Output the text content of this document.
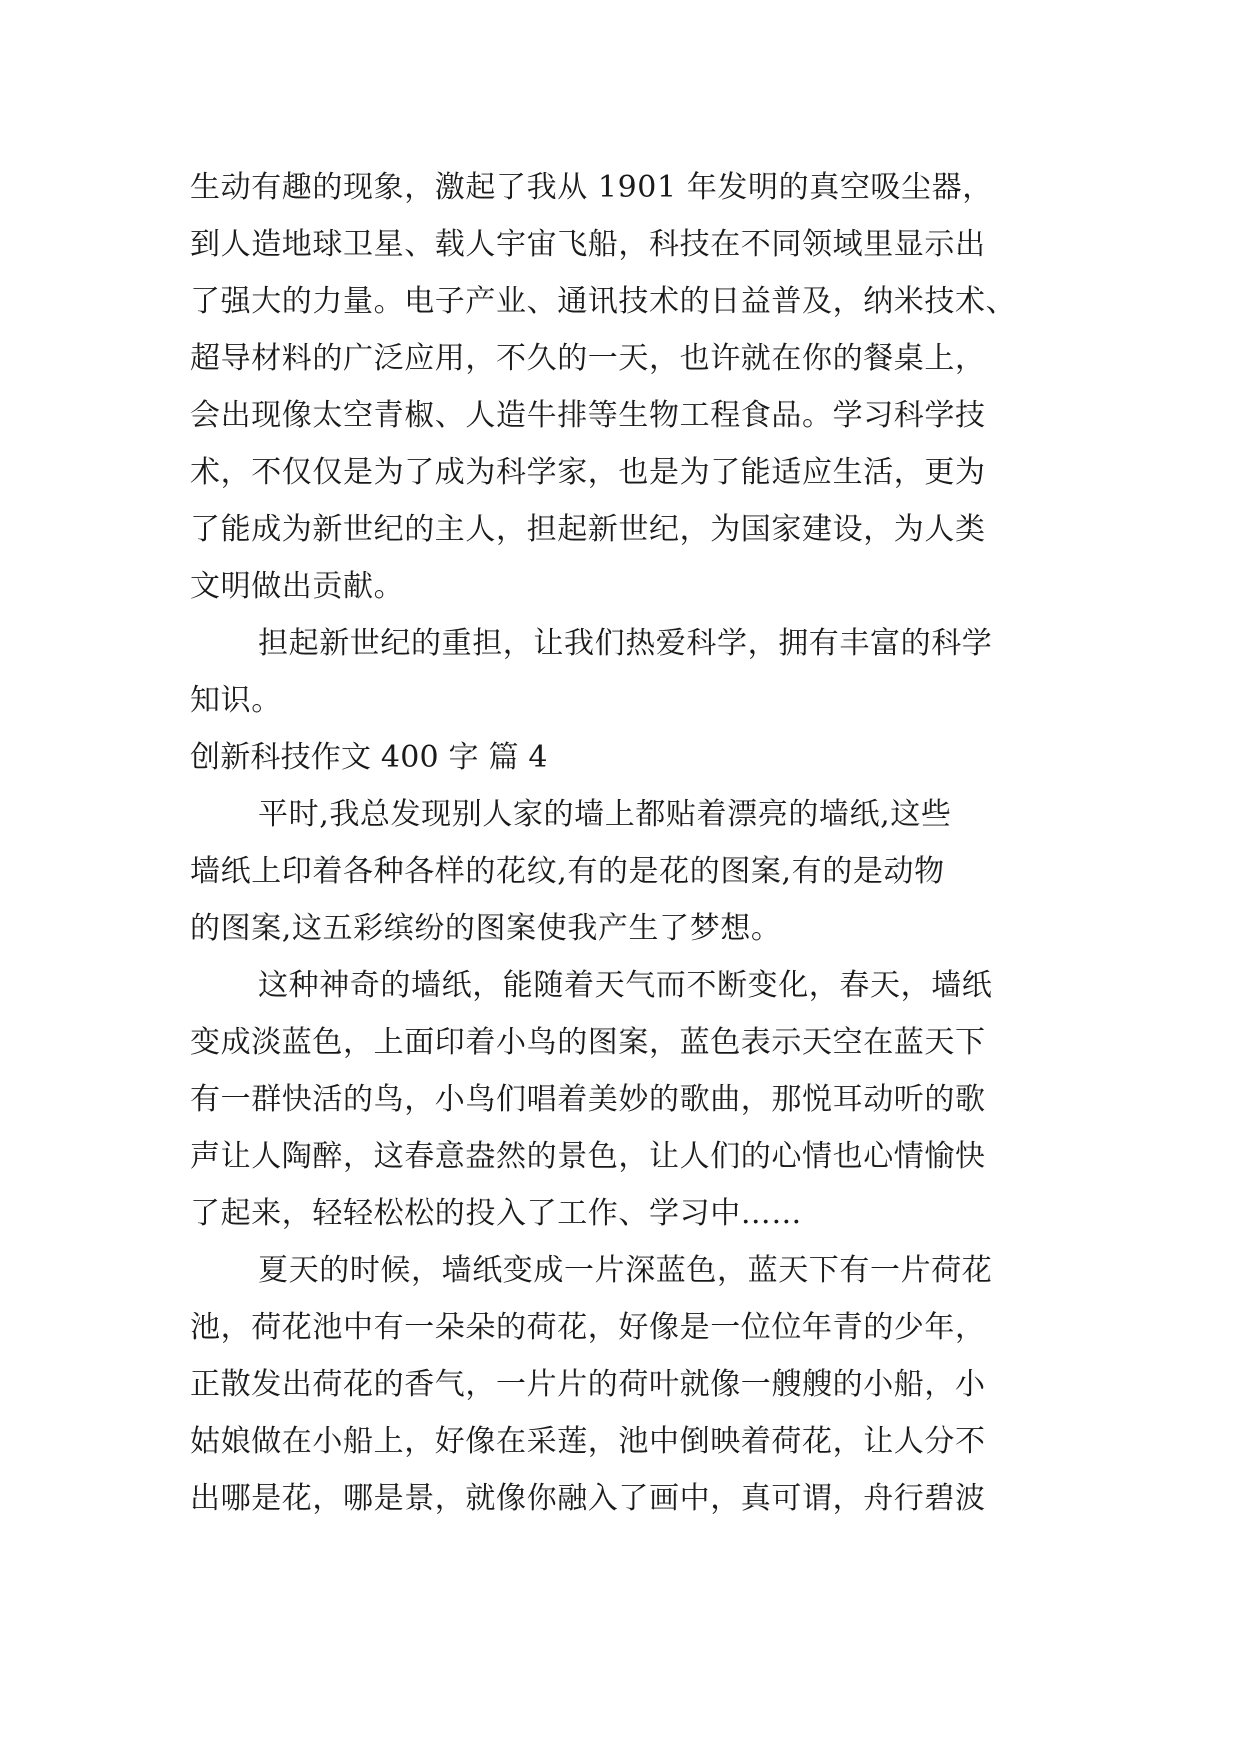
生动有趣的现象，激起了我从 1901 年发明的真空吸尘器，
到人造地球卫星、载人宇宙飞船，科技在不同领域里显示出
了强大的力量。电子产业、通讯技术的日益普及，纳米技术、
超导材料的广泛应用，不久的一天，也许就在你的餐桌上，
会出现像太空青椒、人造牛排等生物工程食品。学习科学技
术，不仅仅是为了成为科学家，也是为了能适应生活，更为
了能成为新世纪的主人，担起新世纪，为国家建设，为人类
文明做出贡献。
担起新世纪的重担，让我们热爱科学，拥有丰富的科学
知识。
创新科技作文 400 字 篇 4
平时,我总发现别人家的墙上都贴着漂亮的墙纸,这些
墙纸上印着各种各样的花纹,有的是花的图案,有的是动物
的图案,这五彩缤纷的图案使我产生了梦想。
这种神奇的墙纸，能随着天气而不断变化，春天，墙纸
变成淡蓝色，上面印着小鸟的图案，蓝色表示天空在蓝天下
有一群快活的鸟，小鸟们唱着美妙的歌曲，那悦耳动听的歌
声让人陶醉，这春意盎然的景色，让人们的心情也心情愉快
了起来，轻轻松松的投入了工作、学习中……
夏天的时候，墙纸变成一片深蓝色，蓝天下有一片荷花
池，荷花池中有一朵朵的荷花，好像是一位位年青的少年，
正散发出荷花的香气，一片片的荷叶就像一艘艘的小船，小
姑娘做在小船上，好像在采莲，池中倒映着荷花，让人分不
出哪是花，哪是景，就像你融入了画中，真可谓，舟行碧波
